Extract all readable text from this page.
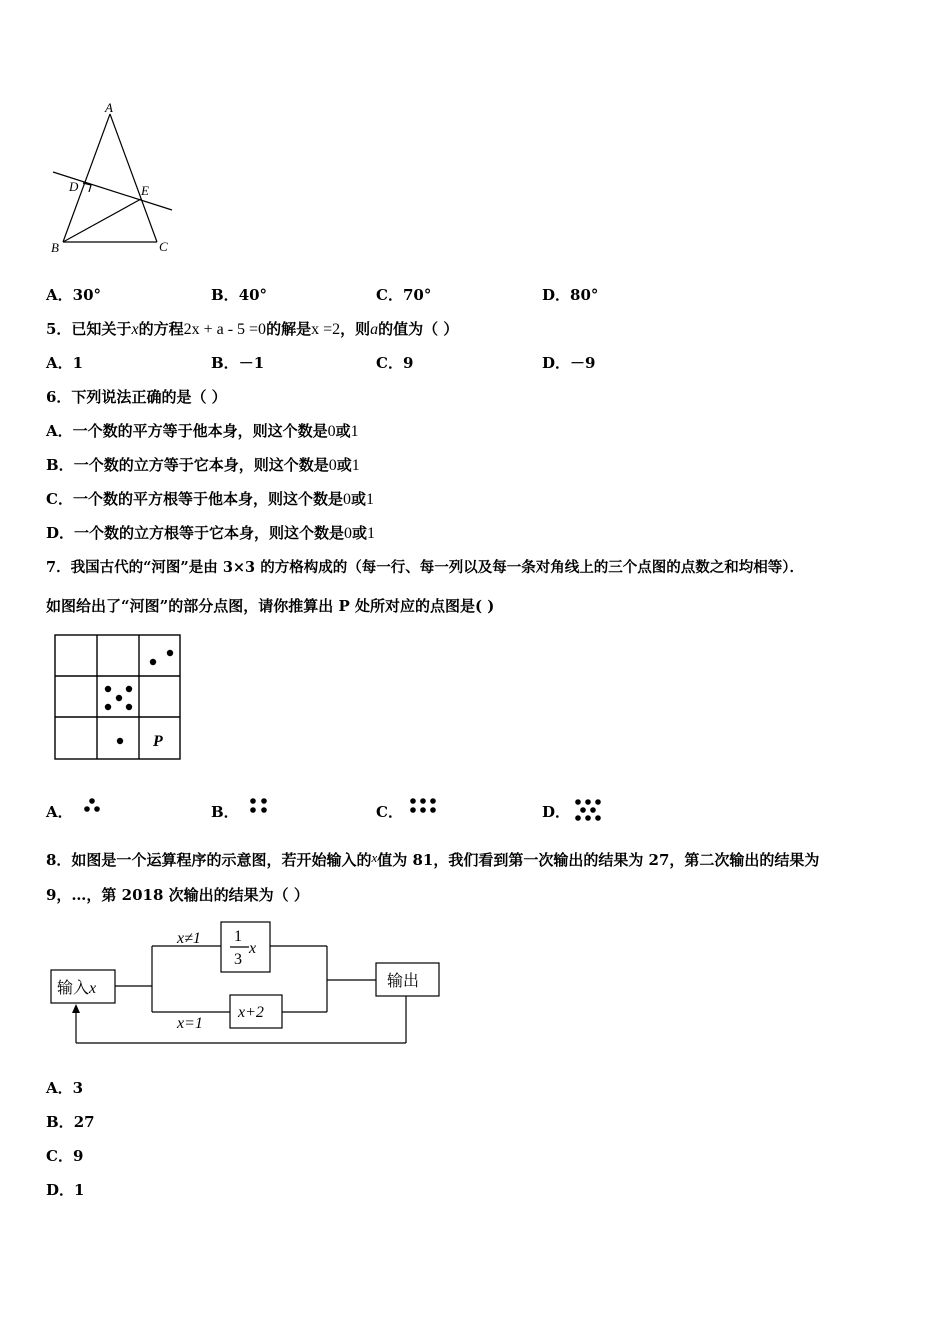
A
D	E
B	C
A．30°	B．40°	C．70°	D．80°
5．已知关于x的方程2x + a - 5 =0的解是x =2，则a的值为（ ）
A．1	B．－1	C．9	D．－9
6．下列说法正确的是（ ）
A．一个数的平方等于他本身，则这个数是0或1
B．一个数的立方等于它本身，则这个数是0或1
C．一个数的平方根等于他本身，则这个数是0或1
D．一个数的立方根等于它本身，则这个数是0或1
7．我国古代的“河图”是由 3×3 的方格构成的（每一行、每一列以及每一条对角线上的三个点图的点数之和均相等）．
如图给出了“河图”的部分点图，请你推算出 P 处所对应的点图是( )
P
A．	B．	C．	D．
8．如图是一个运算程序的示意图，若开始输入的x值为 81，我们看到第一次输出的结果为 27，第二次输出的结果为
9，…，第 2018 次输出的结果为（ ）
输入x
x≠1 1
3
x
x=1
x+2
输出
A．3
B．27
C．9
D．1
